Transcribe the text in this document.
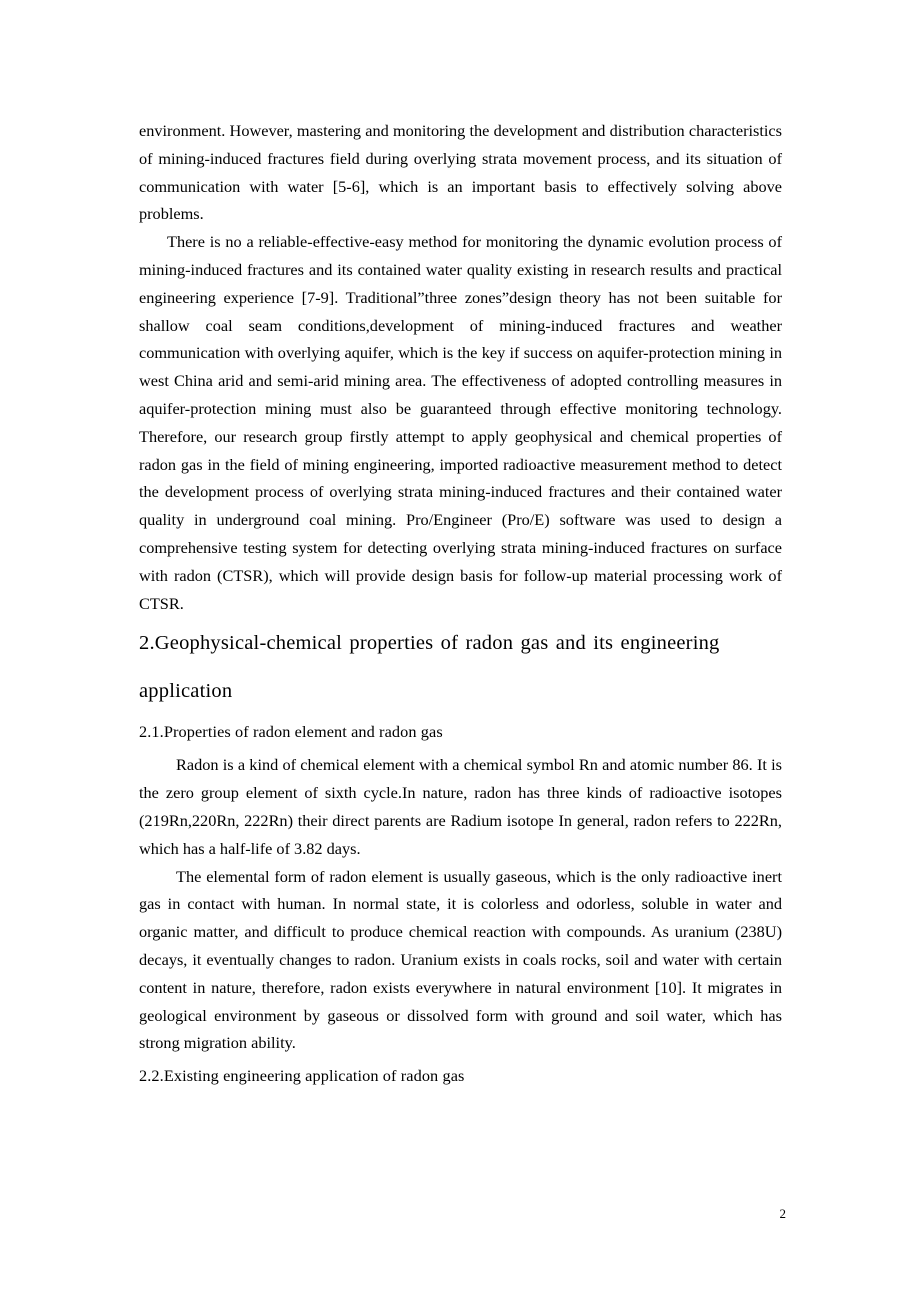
environment. However, mastering and monitoring the development and distribution characteristics of mining-induced fractures field during overlying strata movement process, and its situation of communication with water [5-6], which is an important basis to effectively solving above problems.

There is no a reliable-effective-easy method for monitoring the dynamic evolution process of mining-induced fractures and its contained water quality existing in research results and practical engineering experience [7-9]. Traditional”three zones”design theory has not been suitable for shallow coal seam conditions,development of mining-induced fractures and weather communication with overlying aquifer, which is the key if success on aquifer-protection mining in west China arid and semi-arid mining area. The effectiveness of adopted controlling measures in aquifer-protection mining must also be guaranteed through effective monitoring technology. Therefore, our research group firstly attempt to apply geophysical and chemical properties of radon gas in the field of mining engineering, imported radioactive measurement method to detect the development process of overlying strata mining-induced fractures and their contained water quality in underground coal mining. Pro/Engineer (Pro/E) software was used to design a comprehensive testing system for detecting overlying strata mining-induced fractures on surface with radon (CTSR), which will provide design basis for follow-up material processing work of CTSR.

2.Geophysical-chemical properties of radon gas and its engineering application
2.1.Properties of radon element and radon gas

Radon is a kind of chemical element with a chemical symbol Rn and atomic number 86. It is the zero group element of sixth cycle.In nature, radon has three kinds of radioactive isotopes (219Rn,220Rn, 222Rn) their direct parents are Radium isotope In general, radon refers to 222Rn, which has a half-life of 3.82 days.

The elemental form of radon element is usually gaseous, which is the only radioactive inert gas in contact with human. In normal state, it is colorless and odorless, soluble in water and organic matter, and difficult to produce chemical reaction with compounds. As uranium (238U) decays, it eventually changes to radon. Uranium exists in coals rocks, soil and water with certain content in nature, therefore, radon exists everywhere in natural environment [10]. It migrates in geological environment by gaseous or dissolved form with ground and soil water, which has strong migration ability.

2.2.Existing engineering application of radon gas
2
